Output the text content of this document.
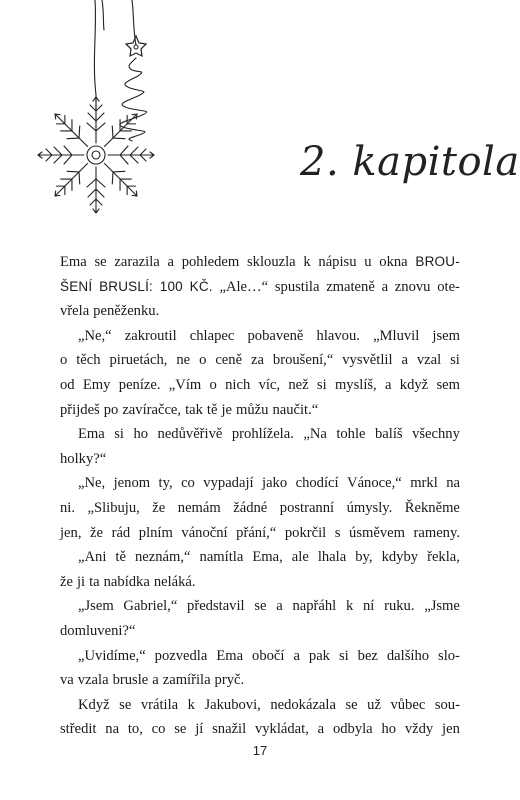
2. kapitola
Ema se zarazila a pohledem sklouzla k nápisu u okna BROU-
ŠENÍ BRUSLÍ: 100 KČ. „Ale…“ spustila zmateně a znovu ote-
vřela peněženku.
„Ne,“ zakroutil chlapec pobaveně hlavou. „Mluvil jsem
o těch piruetách, ne o ceně za broušení,“ vysvětlil a vzal si
od Emy peníze. „Vím o nich víc, než si myslíš, a když sem
přijdeš po zavíračce, tak tě je můžu naučit.“
Ema si ho nedůvěřivě prohlížela. „Na tohle balíš všechny
holky?“
„Ne, jenom ty, co vypadají jako chodící Vánoce,“ mrkl na
ni. „Slibuju, že nemám žádné postranní úmysly. Řekněme
jen, že rád plním vánoční přání,“ pokrčil s úsměvem rameny.
„Ani tě neznám,“ namítla Ema, ale lhala by, kdyby řekla,
že ji ta nabídka neláká.
„Jsem Gabriel,“ představil se a napřáhl k ní ruku. „Jsme
domluveni?“
„Uvidíme,“ pozvedla Ema obočí a pak si bez dalšího slo-
va vzala brusle a zamířila pryč.
Když se vrátila k Jakubovi, nedokázala se už vůbec sou-
středit na to, co se jí snažil vykládat, a odbyla ho vždy jen
17
